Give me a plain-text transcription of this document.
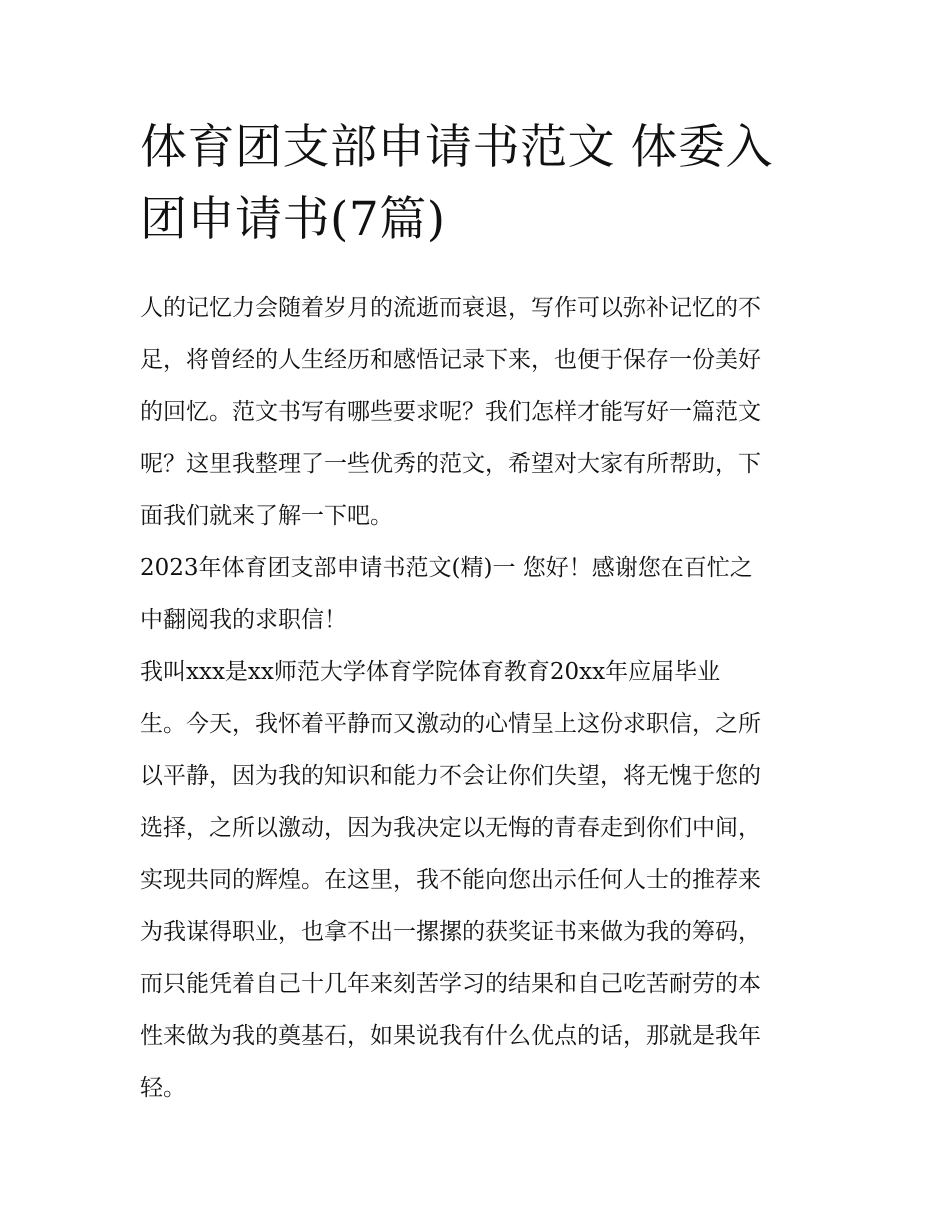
体育团支部申请书范文 体委入
团申请书(7篇)

人的记忆力会随着岁月的流逝而衰退，写作可以弥补记忆的不
足，将曾经的人生经历和感悟记录下来，也便于保存一份美好
的回忆。范文书写有哪些要求呢？我们怎样才能写好一篇范文
呢？这里我整理了一些优秀的范文，希望对大家有所帮助，下
面我们就来了解一下吧。

2023年体育团支部申请书范文(精)一 您好！感谢您在百忙之
中翻阅我的求职信！

我叫xxx是xx师范大学体育学院体育教育20xx年应届毕业
生。今天，我怀着平静而又激动的心情呈上这份求职信，之所
以平静，因为我的知识和能力不会让你们失望，将无愧于您的
选择，之所以激动，因为我决定以无悔的青春走到你们中间，
实现共同的辉煌。在这里，我不能向您出示任何人士的推荐来
为我谋得职业，也拿不出一摞摞的获奖证书来做为我的筹码，
而只能凭着自己十几年来刻苦学习的结果和自己吃苦耐劳的本
性来做为我的奠基石，如果说我有什么优点的话，那就是我年
轻。
